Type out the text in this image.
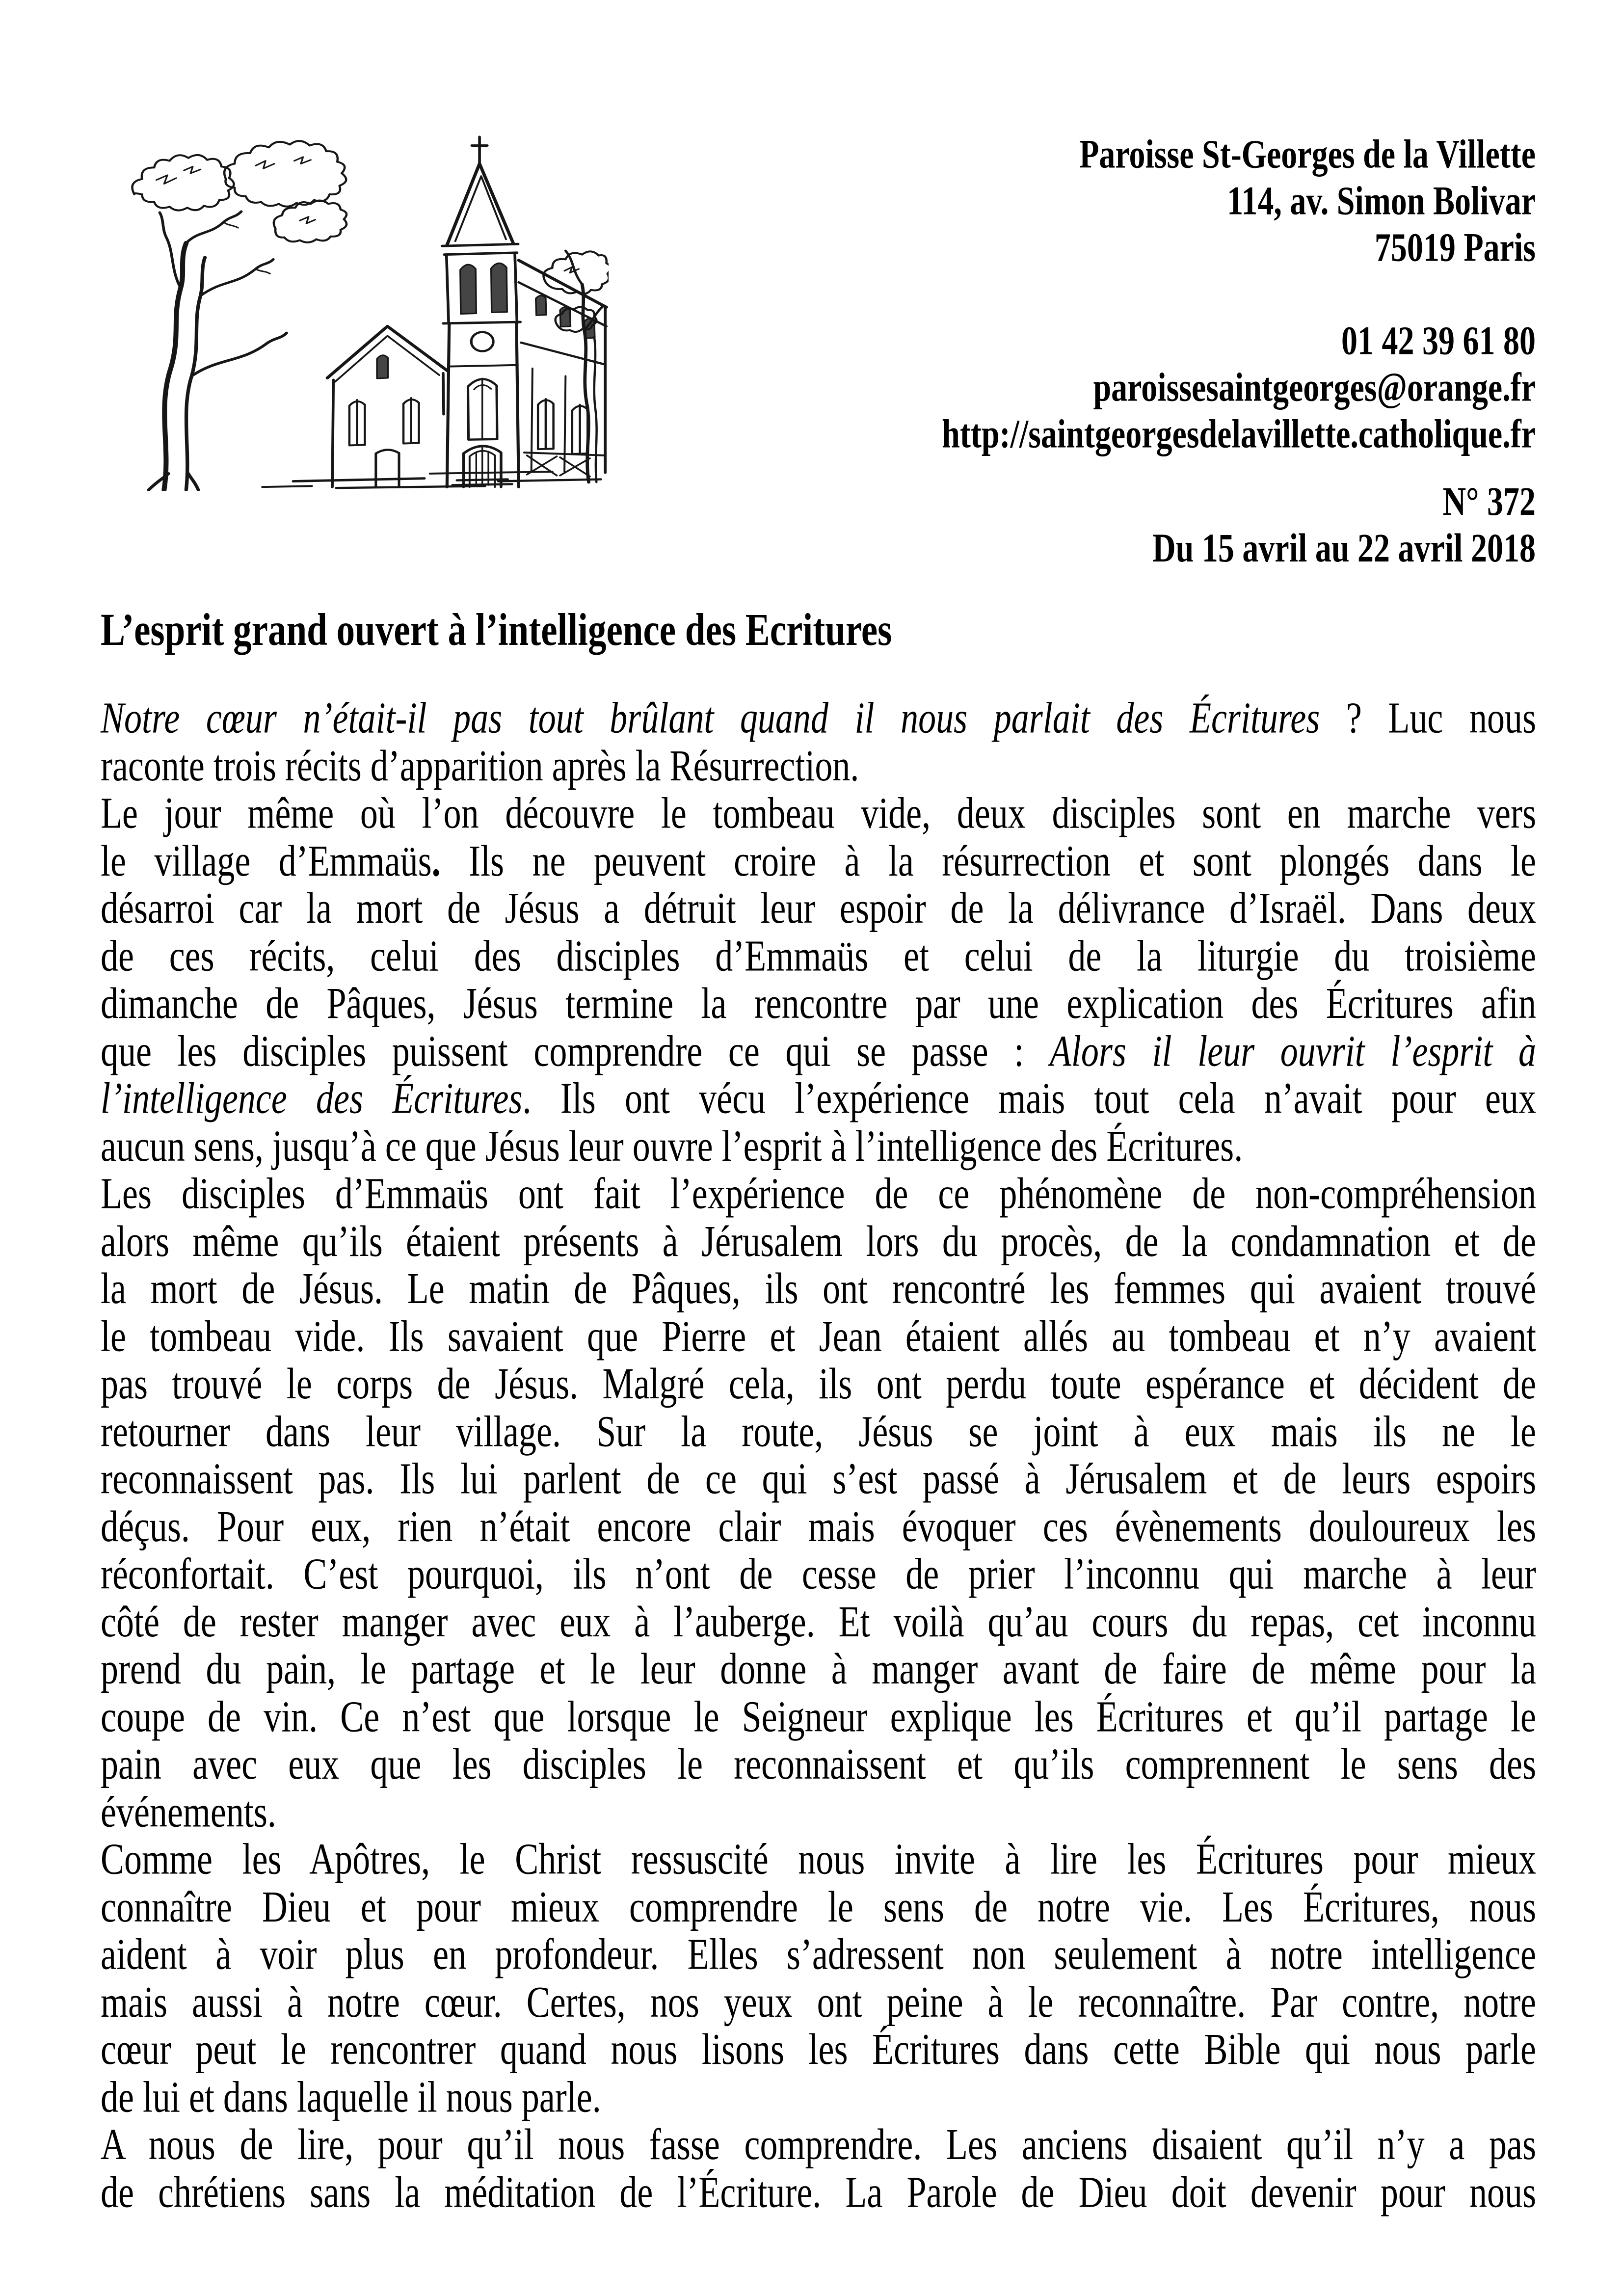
Paroisse St-Georges de la Villette
114, av. Simon Bolivar
75019 Paris
01 42 39 61 80
paroissesaintgeorges@orange.fr
http://saintgeorgesdelavillette.catholique.fr
N° 372
Du 15 avril au 22 avril 2018
L’esprit grand ouvert à l’intelligence des Ecritures
Notre cœur n’était-il pas tout brûlant quand il nous parlait des Écritures ? Luc nous
raconte trois récits d’apparition après la Résurrection.
Le jour même où l’on découvre le tombeau vide, deux disciples sont en marche vers
le village d’Emmaüs. Ils ne peuvent croire à la résurrection et sont plongés dans le
désarroi car la mort de Jésus a détruit leur espoir de la délivrance d’Israël. Dans deux
de ces récits, celui des disciples d’Emmaüs et celui de la liturgie du troisième
dimanche de Pâques, Jésus termine la rencontre par une explication des Écritures afin
que les disciples puissent comprendre ce qui se passe : Alors il leur ouvrit l’esprit à
l’intelligence des Écritures. Ils ont vécu l’expérience mais tout cela n’avait pour eux
aucun sens, jusqu’à ce que Jésus leur ouvre l’esprit à l’intelligence des Écritures.
Les disciples d’Emmaüs ont fait l’expérience de ce phénomène de non-compréhension
alors même qu’ils étaient présents à Jérusalem lors du procès, de la condamnation et de
la mort de Jésus. Le matin de Pâques, ils ont rencontré les femmes qui avaient trouvé
le tombeau vide. Ils savaient que Pierre et Jean étaient allés au tombeau et n’y avaient
pas trouvé le corps de Jésus. Malgré cela, ils ont perdu toute espérance et décident de
retourner dans leur village. Sur la route, Jésus se joint à eux mais ils ne le
reconnaissent pas. Ils lui parlent de ce qui s’est passé à Jérusalem et de leurs espoirs
déçus. Pour eux, rien n’était encore clair mais évoquer ces évènements douloureux les
réconfortait. C’est pourquoi, ils n’ont de cesse de prier l’inconnu qui marche à leur
côté de rester manger avec eux à l’auberge. Et voilà qu’au cours du repas, cet inconnu
prend du pain, le partage et le leur donne à manger avant de faire de même pour la
coupe de vin. Ce n’est que lorsque le Seigneur explique les Écritures et qu’il partage le
pain avec eux que les disciples le reconnaissent et qu’ils comprennent le sens des
événements.
Comme les Apôtres, le Christ ressuscité nous invite à lire les Écritures pour mieux
connaître Dieu et pour mieux comprendre le sens de notre vie. Les Écritures, nous
aident à voir plus en profondeur. Elles s’adressent non seulement à notre intelligence
mais aussi à notre cœur. Certes, nos yeux ont peine à le reconnaître. Par contre, notre
cœur peut le rencontrer quand nous lisons les Écritures dans cette Bible qui nous parle
de lui et dans laquelle il nous parle.
A nous de lire, pour qu’il nous fasse comprendre. Les anciens disaient qu’il n’y a pas
de chrétiens sans la méditation de l’Écriture. La Parole de Dieu doit devenir pour nous
